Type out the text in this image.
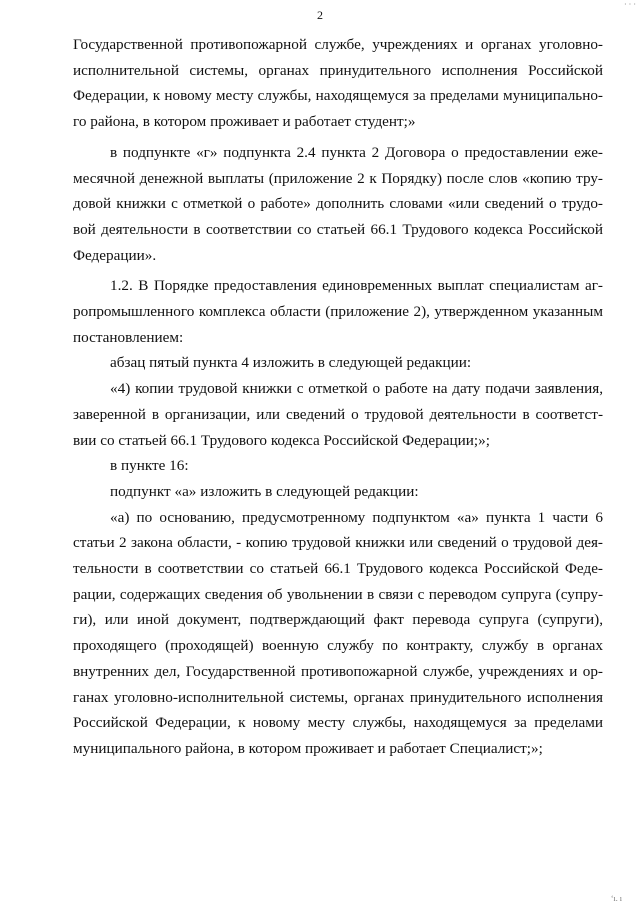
2
· · ·
Государственной противопожарной службе, учреждениях и органах уголовно-
исполнительной системы, органах принудительного исполнения Российской
Федерации, к новому месту службы, находящемуся за пределами муниципально-
го района, в котором проживает и работает студент;»
в подпункте «г» подпункта 2.4 пункта 2 Договора о предоставлении еже-
месячной денежной выплаты (приложение 2 к Порядку) после слов «копию тру-
довой книжки с отметкой о работе» дополнить словами «или сведений о трудо-
вой деятельности в соответствии со статьей 66.1 Трудового кодекса Российской
Федерации».
1.2. В Порядке предоставления единовременных выплат специалистам аг-
ропромышленного комплекса области (приложение 2), утвержденном указанным
постановлением:
абзац пятый пункта 4 изложить в следующей редакции:
«4) копии трудовой книжки с отметкой о работе на дату подачи заявления,
заверенной в организации, или сведений о трудовой деятельности в соответст-
вии со статьей 66.1 Трудового кодекса Российской Федерации;»;
в пункте 16:
подпункт «а» изложить в следующей редакции:
«а) по основанию, предусмотренному подпунктом «а» пункта 1 части 6
статьи 2 закона области, - копию трудовой книжки или сведений о трудовой дея-
тельности в соответствии со статьей 66.1 Трудового кодекса Российской Феде-
рации, содержащих сведения об увольнении в связи с переводом супруга (супру-
ги), или иной документ, подтверждающий факт перевода супруга (супруги),
проходящего (проходящей) военную службу по контракту, службу в органах
внутренних дел, Государственной противопожарной службе, учреждениях и ор-
ганах уголовно-исполнительной системы, органах принудительного исполнения
Российской Федерации, к новому месту службы, находящемуся за пределами
муниципального района, в котором проживает и работает Специалист;»;
ʻı. ı
